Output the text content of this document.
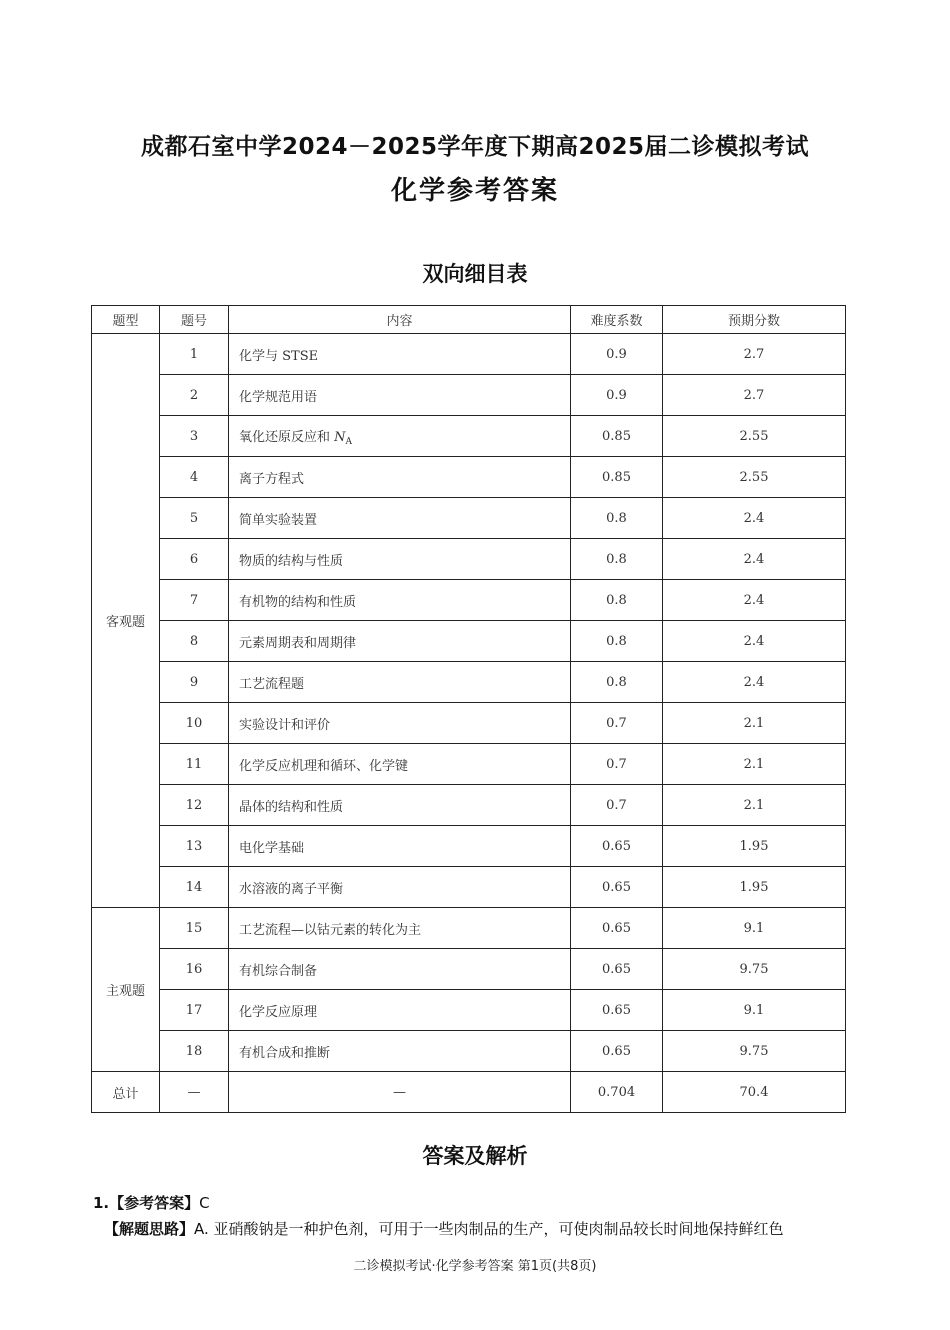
成都石室中学2024－2025学年度下期高2025届二诊模拟考试
化学参考答案
双向细目表
题型	题号	内容	难度系数	预期分数
客观题	1	化学与 STSE	0.9	2.7
	2	化学规范用语	0.9	2.7
	3	氧化还原反应和 $N_A$	0.85	2.55
	4	离子方程式	0.85	2.55
	5	简单实验装置	0.8	2.4
	6	物质的结构与性质	0.8	2.4
	7	有机物的结构和性质	0.8	2.4
	8	元素周期表和周期律	0.8	2.4
	9	工艺流程题	0.8	2.4
	10	实验设计和评价	0.7	2.1
	11	化学反应机理和循环、化学键	0.7	2.1
	12	晶体的结构和性质	0.7	2.1
	13	电化学基础	0.65	1.95
	14	水溶液的离子平衡	0.65	1.95
主观题	15	工艺流程—以钴元素的转化为主	0.65	9.1
	16	有机综合制备	0.65	9.75
	17	化学反应原理	0.65	9.1
	18	有机合成和推断	0.65	9.75
总计	—	—	0.704	70.4
答案及解析
1.【参考答案】C
【解题思路】A. 亚硝酸钠是一种护色剂，可用于一些肉制品的生产，可使肉制品较长时间地保持鲜红色
二诊模拟考试·化学参考答案 第1页(共8页)
